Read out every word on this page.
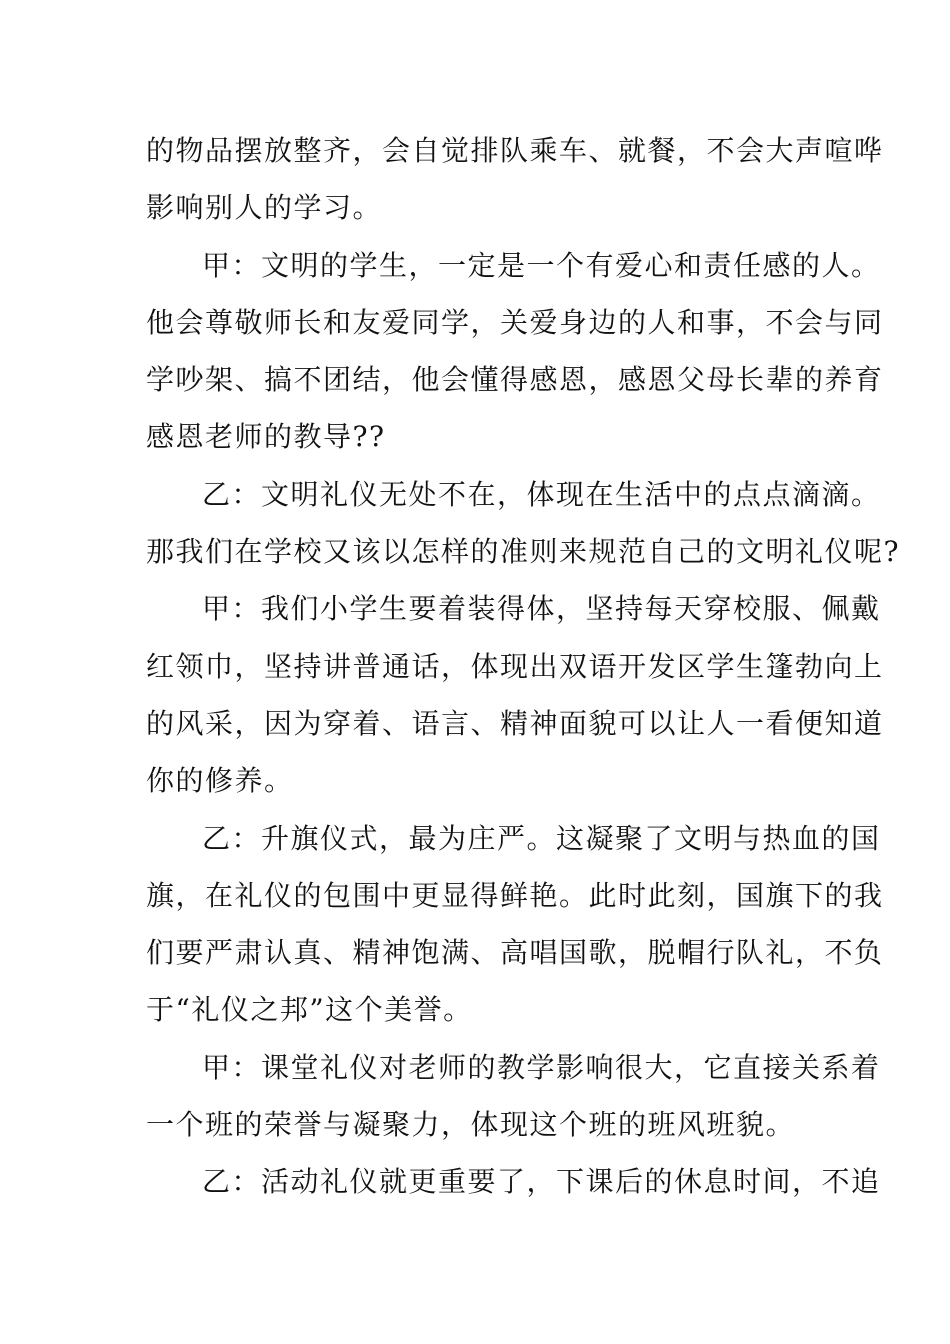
的物品摆放整齐，会自觉排队乘车、就餐，不会大声喧哗
影响别人的学习。
甲：文明的学生，一定是一个有爱心和责任感的人。
他会尊敬师长和友爱同学，关爱身边的人和事，不会与同
学吵架、搞不团结，他会懂得感恩，感恩父母长辈的养育
感恩老师的教导??
乙：文明礼仪无处不在，体现在生活中的点点滴滴。
那我们在学校又该以怎样的准则来规范自己的文明礼仪呢?
甲：我们小学生要着装得体，坚持每天穿校服、佩戴
红领巾，坚持讲普通话，体现出双语开发区学生篷勃向上
的风采，因为穿着、语言、精神面貌可以让人一看便知道
你的修养。
乙：升旗仪式，最为庄严。这凝聚了文明与热血的国
旗，在礼仪的包围中更显得鲜艳。此时此刻，国旗下的我
们要严肃认真、精神饱满、高唱国歌，脱帽行队礼，不负
于“礼仪之邦”这个美誉。
甲：课堂礼仪对老师的教学影响很大，它直接关系着
一个班的荣誉与凝聚力，体现这个班的班风班貌。
乙：活动礼仪就更重要了，下课后的休息时间，不追
